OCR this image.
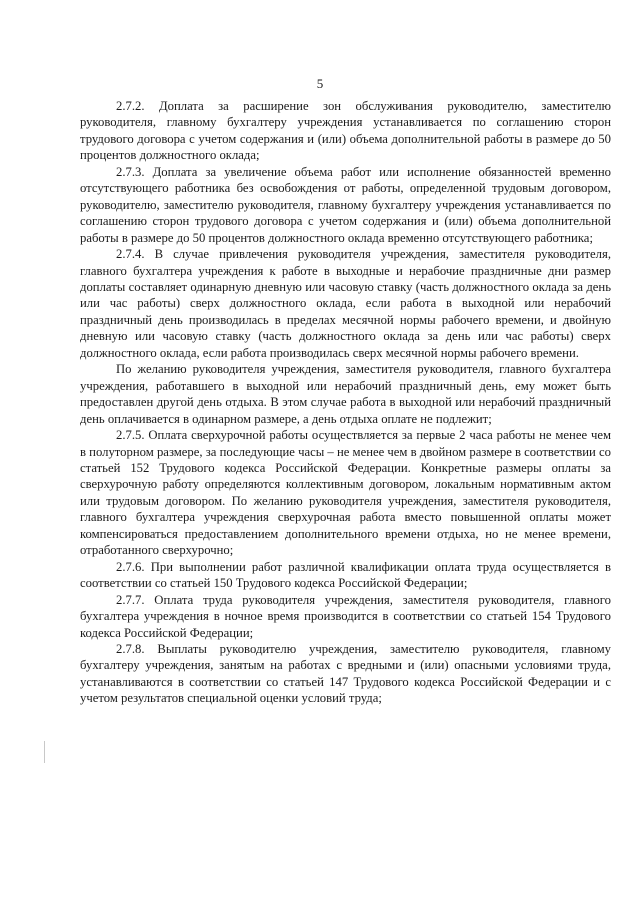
5

2.7.2. Доплата за расширение зон обслуживания руководителю, заместителю руководителя, главному бухгалтеру учреждения устанавливается по соглашению сторон трудового договора с учетом содержания и (или) объема дополнительной работы в размере до 50 процентов должностного оклада;

2.7.3. Доплата за увеличение объема работ или исполнение обязанностей временно отсутствующего работника без освобождения от работы, определенной трудовым договором, руководителю, заместителю руководителя, главному бухгалтеру учреждения устанавливается по соглашению сторон трудового договора с учетом содержания и (или) объема дополнительной работы в размере до 50 процентов должностного оклада временно отсутствующего работника;

2.7.4. В случае привлечения руководителя учреждения, заместителя руководителя, главного бухгалтера учреждения к работе в выходные и нерабочие праздничные дни размер доплаты составляет одинарную дневную или часовую ставку (часть должностного оклада за день или час работы) сверх должностного оклада, если работа в выходной или нерабочий праздничный день производилась в пределах месячной нормы рабочего времени, и двойную дневную или часовую ставку (часть должностного оклада за день или час работы) сверх должностного оклада, если работа производилась сверх месячной нормы рабочего времени.

По желанию руководителя учреждения, заместителя руководителя, главного бухгалтера учреждения, работавшего в выходной или нерабочий праздничный день, ему может быть предоставлен другой день отдыха. В этом случае работа в выходной или нерабочий праздничный день оплачивается в одинарном размере, а день отдыха оплате не подлежит;

2.7.5. Оплата сверхурочной работы осуществляется за первые 2 часа работы не менее чем в полуторном размере, за последующие часы – не менее чем в двойном размере в соответствии со статьей 152 Трудового кодекса Российской Федерации. Конкретные размеры оплаты за сверхурочную работу определяются коллективным договором, локальным нормативным актом или трудовым договором. По желанию руководителя учреждения, заместителя руководителя, главного бухгалтера учреждения сверхурочная работа вместо повышенной оплаты может компенсироваться предоставлением дополнительного времени отдыха, но не менее времени, отработанного сверхурочно;

2.7.6. При выполнении работ различной квалификации оплата труда осуществляется в соответствии со статьей 150 Трудового кодекса Российской Федерации;

2.7.7. Оплата труда руководителя учреждения, заместителя руководителя, главного бухгалтера учреждения в ночное время производится в соответствии со статьей 154 Трудового кодекса Российской Федерации;

2.7.8. Выплаты руководителю учреждения, заместителю руководителя, главному бухгалтеру учреждения, занятым на работах с вредными и (или) опасными условиями труда, устанавливаются в соответствии со статьей 147 Трудового кодекса Российской Федерации и с учетом результатов специальной оценки условий труда;
